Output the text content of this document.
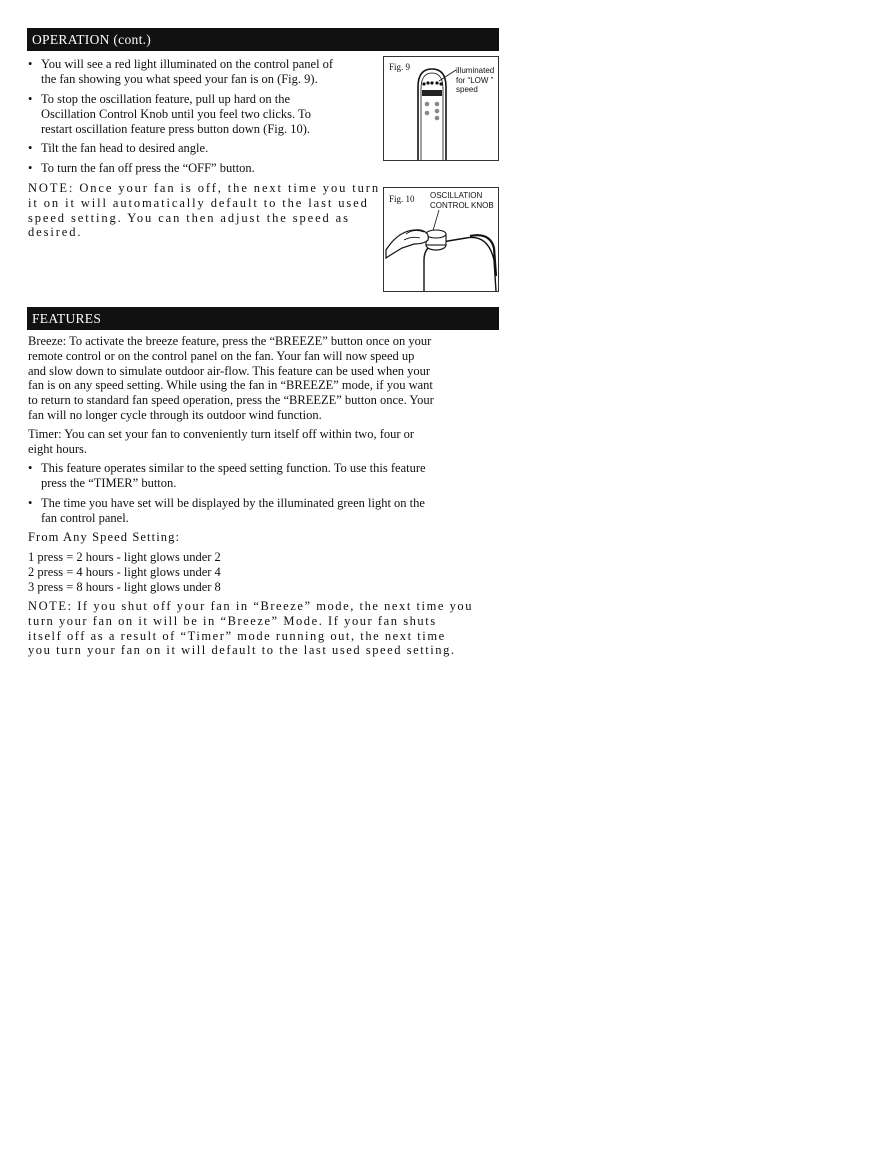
OPERATION (cont.)
• You will see a red light illuminated on the control panel of
the fan showing you what speed your fan is on (Fig. 9).
• To stop the oscillation feature, pull up hard on the
Oscillation Control Knob until you feel two clicks. To
restart oscillation feature press button down (Fig. 10).
• Tilt the fan head to desired angle.
• To turn the fan off press the “OFF” button.
NOTE: Once your fan is off, the next time you turn
it on it will automatically default to the last used
speed setting. You can then adjust the speed as
desired.
Fig. 9	illuminated
for “LOW ”
speed
Fig. 10 OSCILLATION
CONTROL KNOB
FEATURES
Breeze: To activate the breeze feature, press the “BREEZE” button once on your
remote control or on the control panel on the fan. Your fan will now speed up
and slow down to simulate outdoor air-flow. This feature can be used when your
fan is on any speed setting. While using the fan in “BREEZE” mode, if you want
to return to standard fan speed operation, press the “BREEZE” button once. Your
fan will no longer cycle through its outdoor wind function.
Timer: You can set your fan to conveniently turn itself off within two, four or
eight hours.
• This feature operates similar to the speed setting function. To use this feature
press the “TIMER” button.
• The time you have set will be displayed by the illuminated green light on the
fan control panel.
From Any Speed Setting:
1 press = 2 hours - light glows under 2
2 press = 4 hours - light glows under 4
3 press = 8 hours - light glows under 8
NOTE: If you shut off your fan in “Breeze” mode, the next time you
turn your fan on it will be in “Breeze” Mode. If your fan shuts
itself off as a result of “Timer” mode running out, the next time
you turn your fan on it will default to the last used speed setting.
